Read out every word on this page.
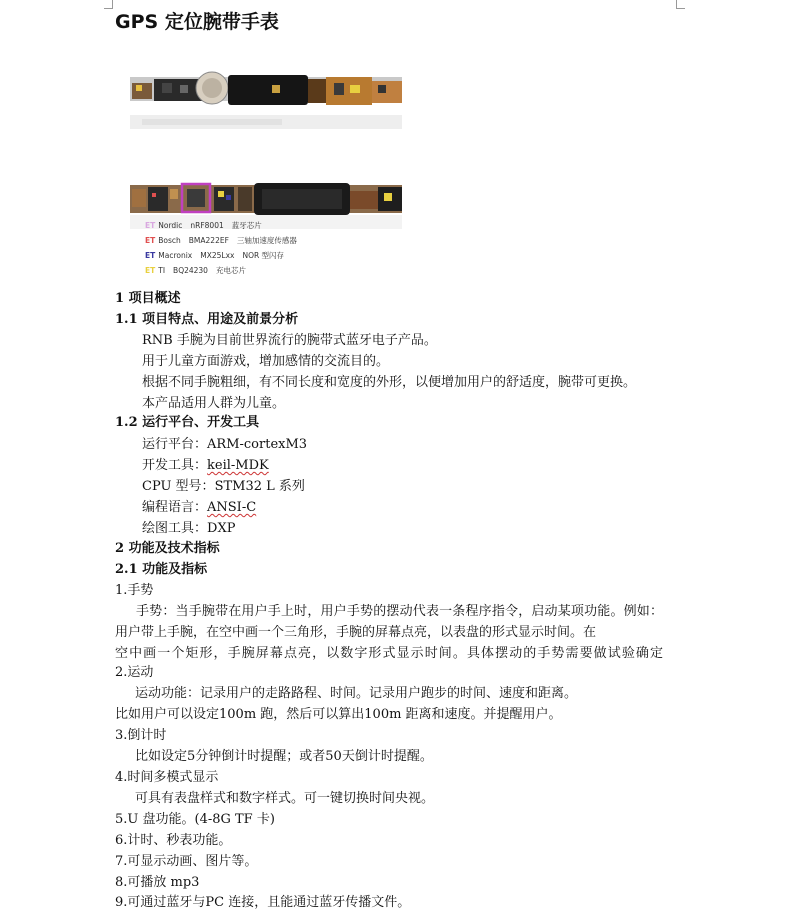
GPS 定位腕带手表
ET Nordic nRF8001 蓝牙芯片
ET Bosch BMA222EF 三轴加速度传感器
ET Macronix MX25Lxx NOR 型闪存
ET TI BQ24230 充电芯片
1 项目概述
1.1 项目特点、用途及前景分析
RNB 手腕为目前世界流行的腕带式蓝牙电子产品。
用于儿童方面游戏，增加感情的交流目的。
根据不同手腕粗细，有不同长度和宽度的外形，以便增加用户的舒适度，腕带可更换。
本产品适用人群为儿童。
1.2 运行平台、开发工具
运行平台：ARM-cortexM3
开发工具：keil-MDK
CPU 型号：STM32 L 系列
编程语言：ANSI-C
绘图工具：DXP
2 功能及技术指标
2.1 功能及指标
1.手势
手势：当手腕带在用户手上时，用户手势的摆动代表一条程序指令，启动某项功能。例如：用户带上手腕，在空中画一个三角形，手腕的屏幕点亮，以表盘的形式显示时间。在
空中画一个矩形，手腕屏幕点亮，以数字形式显示时间。具体摆动的手势需要做试验确定
2.运动
运动功能：记录用户的走路路程、时间。记录用户跑步的时间、速度和距离。
比如用户可以设定100m 跑，然后可以算出100m 距离和速度。并提醒用户。
3.倒计时
比如设定5分钟倒计时提醒；或者50天倒计时提醒。
4.时间多模式显示
可具有表盘样式和数字样式。可一键切换时间央视。
5.U 盘功能。(4-8G TF 卡)
6.计时、秒表功能。
7.可显示动画、图片等。
8.可播放 mp3
9.可通过蓝牙与PC 连接，且能通过蓝牙传播文件。
